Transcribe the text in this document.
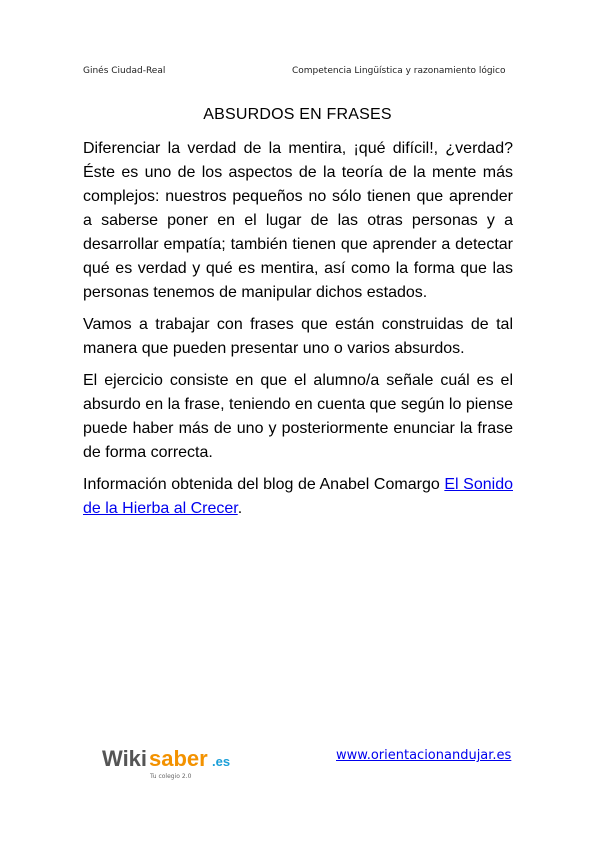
Ginés Ciudad-Real	Competencia Lingüística y razonamiento lógico
ABSURDOS EN FRASES

Diferenciar la verdad de la mentira, ¡qué difícil!, ¿verdad? Éste es uno de los aspectos de la teoría de la mente más complejos: nuestros pequeños no sólo tienen que aprender a saberse poner en el lugar de las otras personas y a desarrollar empatía; también tienen que aprender a detectar qué es verdad y qué es mentira, así como la forma que las personas tenemos de manipular dichos estados.

Vamos a trabajar con frases que están construidas de tal manera que pueden presentar uno o varios absurdos.

El ejercicio consiste en que el alumno/a señale cuál es el absurdo en la frase, teniendo en cuenta que según lo piense puede haber más de uno y posteriormente enunciar la frase de forma correcta.

Información obtenida del blog de Anabel Comargo El Sonido de la Hierba al Crecer.

Wiki saber .es
Tu colegio 2.0
www.orientacionandujar.es
